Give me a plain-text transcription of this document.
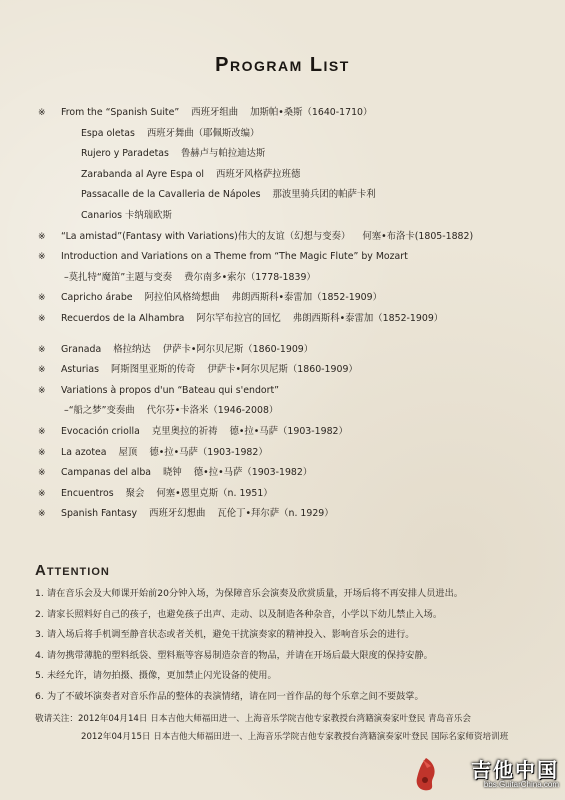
Program List
※ From the “Spanish Suite” 西班牙组曲 加斯帕•桑斯（1640-1710）
Espa oletas 西班牙舞曲（耶佩斯改编）
Rujero y Paradetas 鲁赫卢与帕拉迪达斯
Zarabanda al Ayre Espa ol 西班牙风格萨拉班德
Passacalle de la Cavalleria de Nápoles 那波里骑兵团的帕萨卡利
Canarios 卡纳瑞欧斯
※ “La amistad”(Fantasy with Variations)伟大的友谊（幻想与变奏） 何塞•布洛卡(1805-1882)
※ Introduction and Variations on a Theme from “The Magic Flute” by Mozart
–莫扎特“魔笛”主题与变奏 费尔南多•索尔（1778-1839）
※ Capricho árabe 阿拉伯风格绮想曲 弗朗西斯科•泰雷加（1852-1909）
※ Recuerdos de la Alhambra 阿尔罕布拉宫的回忆 弗朗西斯科•泰雷加（1852-1909）
※ Granada 格拉纳达 伊萨卡•阿尔贝尼斯（1860-1909）
※ Asturias 阿斯图里亚斯的传奇 伊萨卡•阿尔贝尼斯（1860-1909）
※ Variations à propos d'un “Bateau qui s'endort”
–“船之梦”变奏曲 代尔芬•卡洛米（1946-2008）
※ Evocación criolla 克里奥拉的祈祷 德•拉•马萨（1903-1982）
※ La azotea 屋顶 德•拉•马萨（1903-1982）
※ Campanas del alba 晓钟 德•拉•马萨（1903-1982）
※ Encuentros 聚会 何塞•恩里克斯（n. 1951）
※ Spanish Fantasy 西班牙幻想曲 瓦伦丁•拜尔萨（n. 1929）
Attention
1. 请在音乐会及大师课开始前20分钟入场，为保障音乐会演奏及欣赏质量，开场后将不再安排人员进出。
2. 请家长照料好自己的孩子，也避免孩子出声、走动、以及制造各种杂音，小学以下幼儿禁止入场。
3. 请入场后将手机调至静音状态或者关机，避免干扰演奏家的精神投入、影响音乐会的进行。
4. 请勿携带薄脆的塑料纸袋、塑料瓶等容易制造杂音的物品，并请在开场后最大限度的保持安静。
5. 未经允许，请勿拍摄、摄像，更加禁止闪光设备的使用。
6. 为了不破坏演奏者对音乐作品的整体的表演情绪，请在同一首作品的每个乐章之间不要鼓掌。
敬请关注：2012年04月14日 日本吉他大师福田进一、上海音乐学院吉他专家教授台湾籍演奏家叶登民 青岛音乐会
2012年04月15日 日本吉他大师福田进一、上海音乐学院吉他专家教授台湾籍演奏家叶登民 国际名家师资培训班
吉他中国
bbs.GuitarChina.com
